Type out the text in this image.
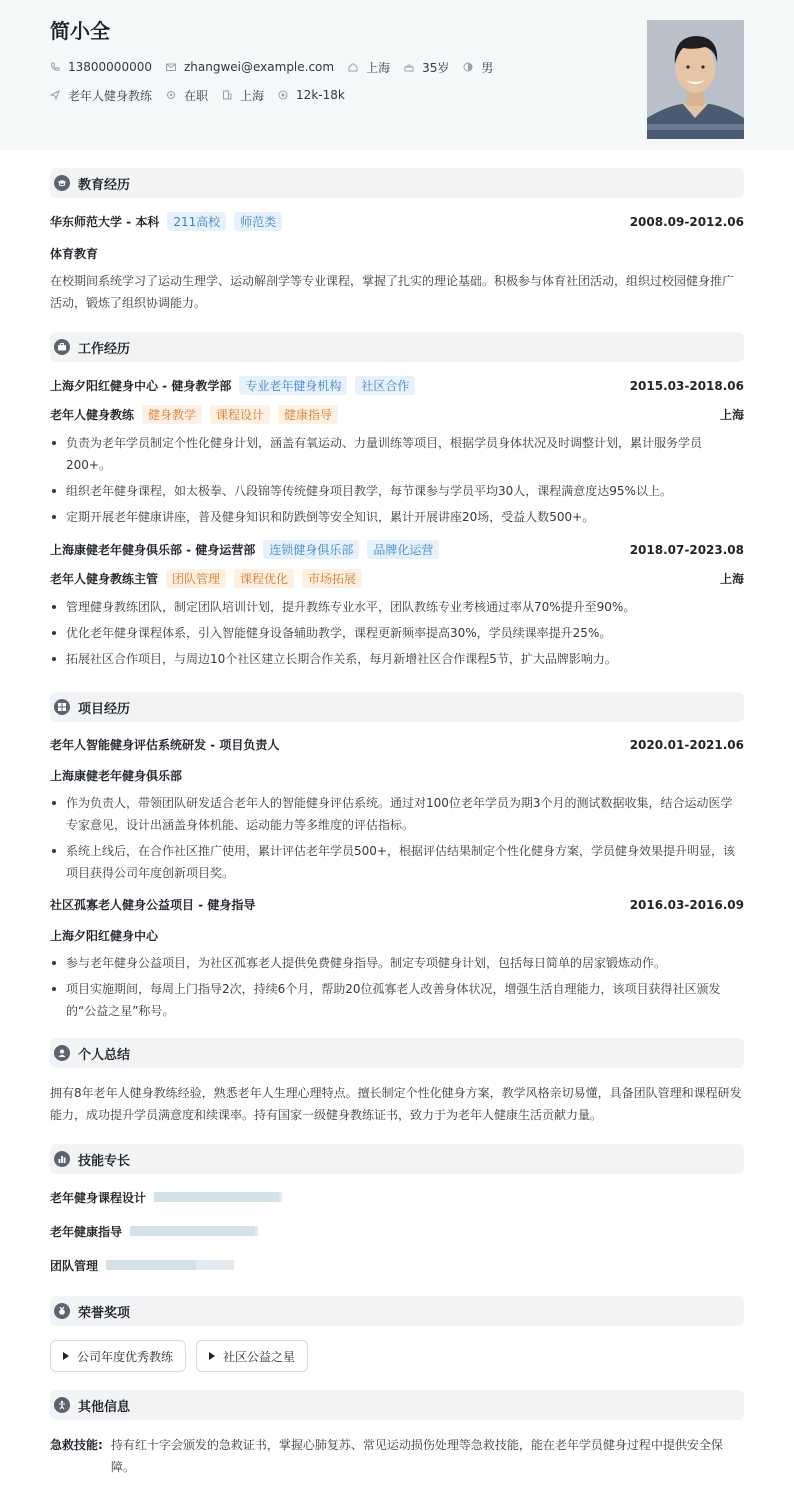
简小全
13800000000	zhangwei@example.com	上海	35岁	男
老年人健身教练	在职	上海	12k-18k
教育经历
华东师范大学 - 本科	211高校	师范类	2008.09-2012.06
体育教育
在校期间系统学习了运动生理学、运动解剖学等专业课程，掌握了扎实的理论基础。积极参与体育社团活动，组织过校园健身推广活动，锻炼了组织协调能力。
工作经历
上海夕阳红健身中心 - 健身教学部	专业老年健身机构	社区合作	2015.03-2018.06
老年人健身教练	健身教学	课程设计	健康指导	上海
负责为老年学员制定个性化健身计划，涵盖有氧运动、力量训练等项目，根据学员身体状况及时调整计划，累计服务学员200+。
组织老年健身课程，如太极拳、八段锦等传统健身项目教学，每节课参与学员平均30人，课程满意度达95%以上。
定期开展老年健康讲座，普及健身知识和防跌倒等安全知识，累计开展讲座20场，受益人数500+。
上海康健老年健身俱乐部 - 健身运营部	连锁健身俱乐部	品牌化运营	2018.07-2023.08
老年人健身教练主管	团队管理	课程优化	市场拓展	上海
管理健身教练团队，制定团队培训计划，提升教练专业水平，团队教练专业考核通过率从70%提升至90%。
优化老年健身课程体系，引入智能健身设备辅助教学，课程更新频率提高30%，学员续课率提升25%。
拓展社区合作项目，与周边10个社区建立长期合作关系，每月新增社区合作课程5节，扩大品牌影响力。
项目经历
老年人智能健身评估系统研发 - 项目负责人	2020.01-2021.06
上海康健老年健身俱乐部
作为负责人，带领团队研发适合老年人的智能健身评估系统。通过对100位老年学员为期3个月的测试数据收集，结合运动医学专家意见，设计出涵盖身体机能、运动能力等多维度的评估指标。
系统上线后，在合作社区推广使用，累计评估老年学员500+，根据评估结果制定个性化健身方案，学员健身效果提升明显，该项目获得公司年度创新项目奖。
社区孤寡老人健身公益项目 - 健身指导	2016.03-2016.09
上海夕阳红健身中心
参与老年健身公益项目，为社区孤寡老人提供免费健身指导。制定专项健身计划，包括每日简单的居家锻炼动作。
项目实施期间，每周上门指导2次，持续6个月，帮助20位孤寡老人改善身体状况，增强生活自理能力，该项目获得社区颁发的“公益之星”称号。
个人总结
拥有8年老年人健身教练经验，熟悉老年人生理心理特点。擅长制定个性化健身方案，教学风格亲切易懂，具备团队管理和课程研发能力，成功提升学员满意度和续课率。持有国家一级健身教练证书，致力于为老年人健康生活贡献力量。
技能专长
老年健身课程设计
老年健康指导
团队管理
荣誉奖项
公司年度优秀教练	社区公益之星
其他信息
急救技能: 持有红十字会颁发的急救证书，掌握心肺复苏、常见运动损伤处理等急救技能，能在老年学员健身过程中提供安全保障。
